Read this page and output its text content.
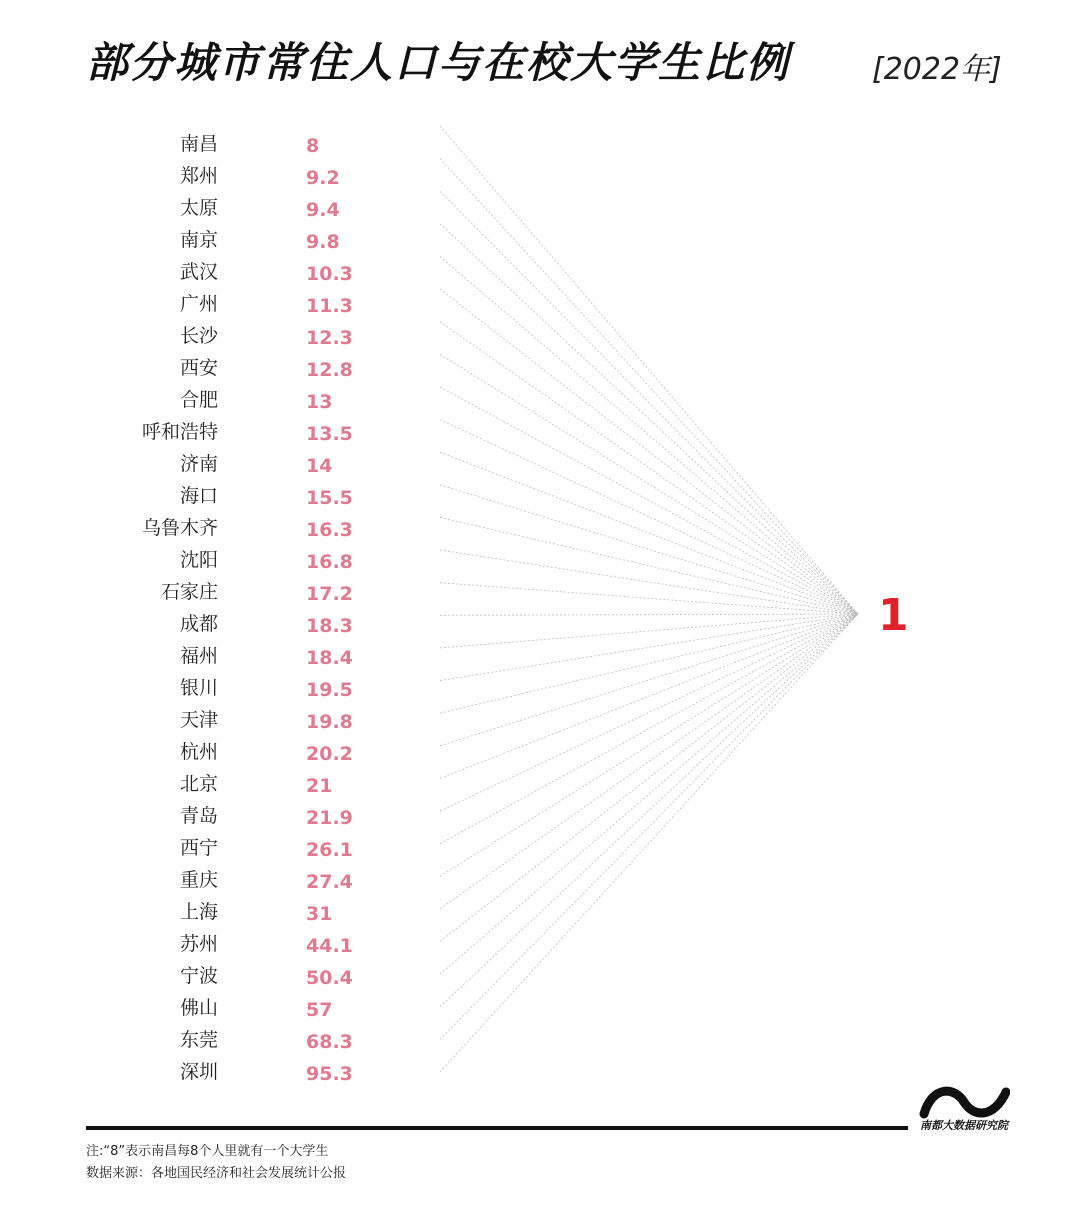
部分城市常住人口与在校大学生比例	[2022年]
南昌	8
郑州	9.2
太原	9.4
南京	9.8
武汉	10.3
广州	11.3
长沙	12.3
西安	12.8
合肥	13
呼和浩特	13.5
济南	14
海口	15.5
乌鲁木齐	16.3
沈阳	16.8
石家庄	17.2
成都	18.3
福州	18.4
银川	19.5
天津	19.8
杭州	20.2
北京	21
青岛	21.9
西宁	26.1
重庆	27.4
上海	31
苏州	44.1
宁波	50.4
佛山	57
东莞	68.3
深圳	95.3
1
注:“8”表示南昌每8个人里就有一个大学生
数据来源：各地国民经济和社会发展统计公报
南都大数据研究院
